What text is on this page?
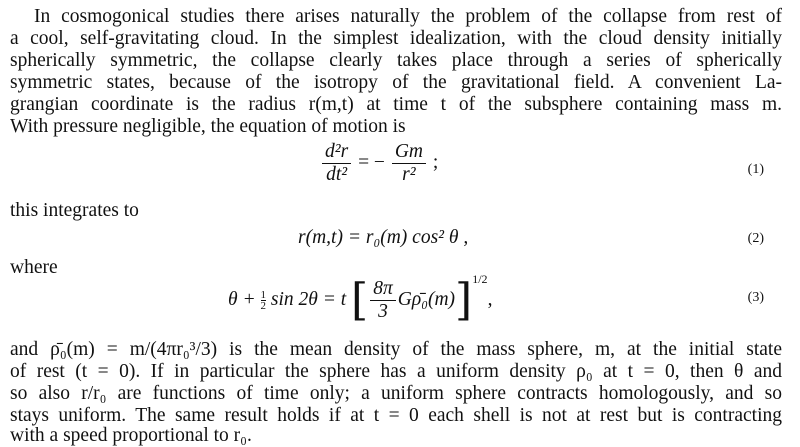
In cosmogonical studies there arises naturally the problem of the collapse from rest of
a cool, self-gravitating cloud. In the simplest idealization, with the cloud density initially
spherically symmetric, the collapse clearly takes place through a series of spherically
symmetric states, because of the isotropy of the gravitational field. A convenient La-
grangian coordinate is the radius r(m,t) at time t of the subsphere containing mass m.
With pressure negligible, the equation of motion is
$\frac{\text{d²r}}{\text{dt²}}$ = − $\frac{Gm}{\text{r²}}$ ;	(1)
this integrates to
r(m,t) = r₀(m) cos² θ ,	(2)
where
$\theta + \frac{1}{2}$ sin 2θ = t [ $\frac{8\pi}{3}$ Gρ̄₀(m)]$^{1/2}$,	(3)
and ρ̄₀(m) = m/(4πr₀³/3) is the mean density of the mass sphere, m, at the initial state
of rest (t = 0). If in particular the sphere has a uniform density ρ₀ at t = 0, then θ and
so also r/r₀ are functions of time only; a uniform sphere contracts homologously, and so
stays uniform. The same result holds if at t = 0 each shell is not at rest but is contracting
with a speed proportional to r₀.
